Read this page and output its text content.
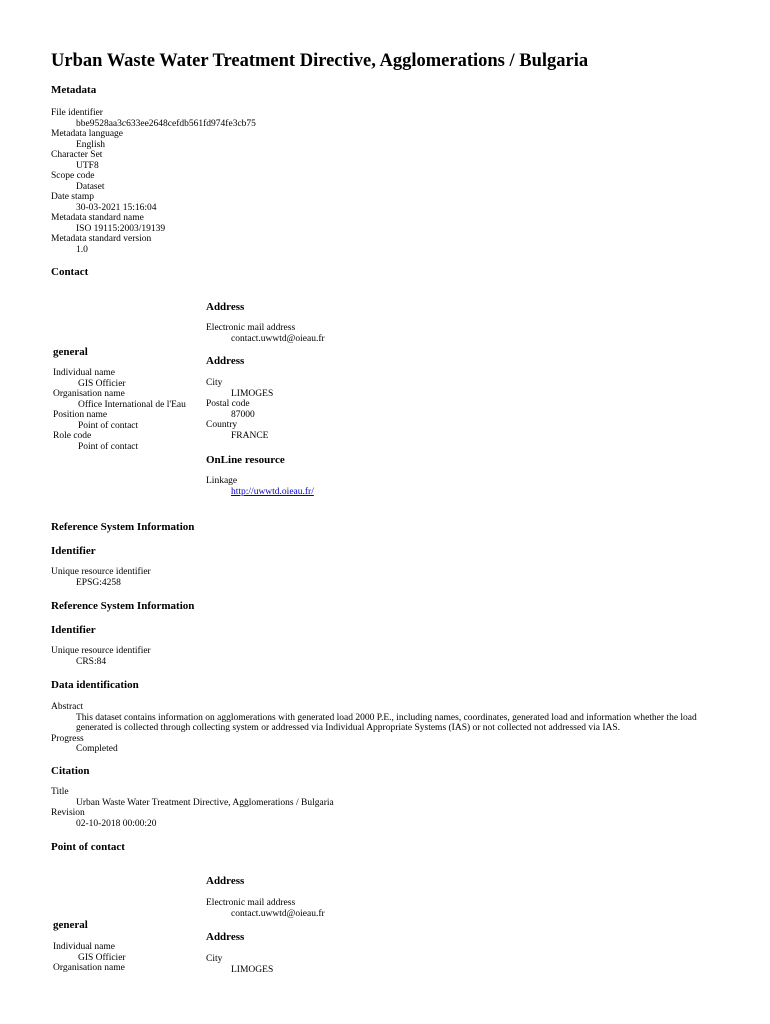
Urban Waste Water Treatment Directive, Agglomerations / Bulgaria
Metadata
File identifier
bbe9528aa3c633ee2648cefdb561fd974fe3cb75
Metadata language
English
Character Set
UTF8
Scope code
Dataset
Date stamp
30-03-2021 15:16:04
Metadata standard name
ISO 19115:2003/19139
Metadata standard version
1.0
Contact
Address
Electronic mail address
contact.uwwtd@oieau.fr
general
Individual name
GIS Officier
Organisation name
Office International de l'Eau
Position name
Point of contact
Role code
Point of contact
Address
City
LIMOGES
Postal code
87000
Country
FRANCE
OnLine resource
Linkage
http://uwwtd.oieau.fr/
Reference System Information
Identifier
Unique resource identifier
EPSG:4258
Reference System Information
Identifier
Unique resource identifier
CRS:84
Data identification
Abstract
This dataset contains information on agglomerations with generated load 2000 P.E., including names, coordinates, generated load and information whether the load generated is collected through collecting system or addressed via Individual Appropriate Systems (IAS) or not collected not addressed via IAS.
Progress
Completed
Citation
Title
Urban Waste Water Treatment Directive, Agglomerations / Bulgaria
Revision
02-10-2018 00:00:20
Point of contact
Address
Electronic mail address
contact.uwwtd@oieau.fr
general
Individual name
GIS Officier
Organisation name
Address
City
LIMOGES
